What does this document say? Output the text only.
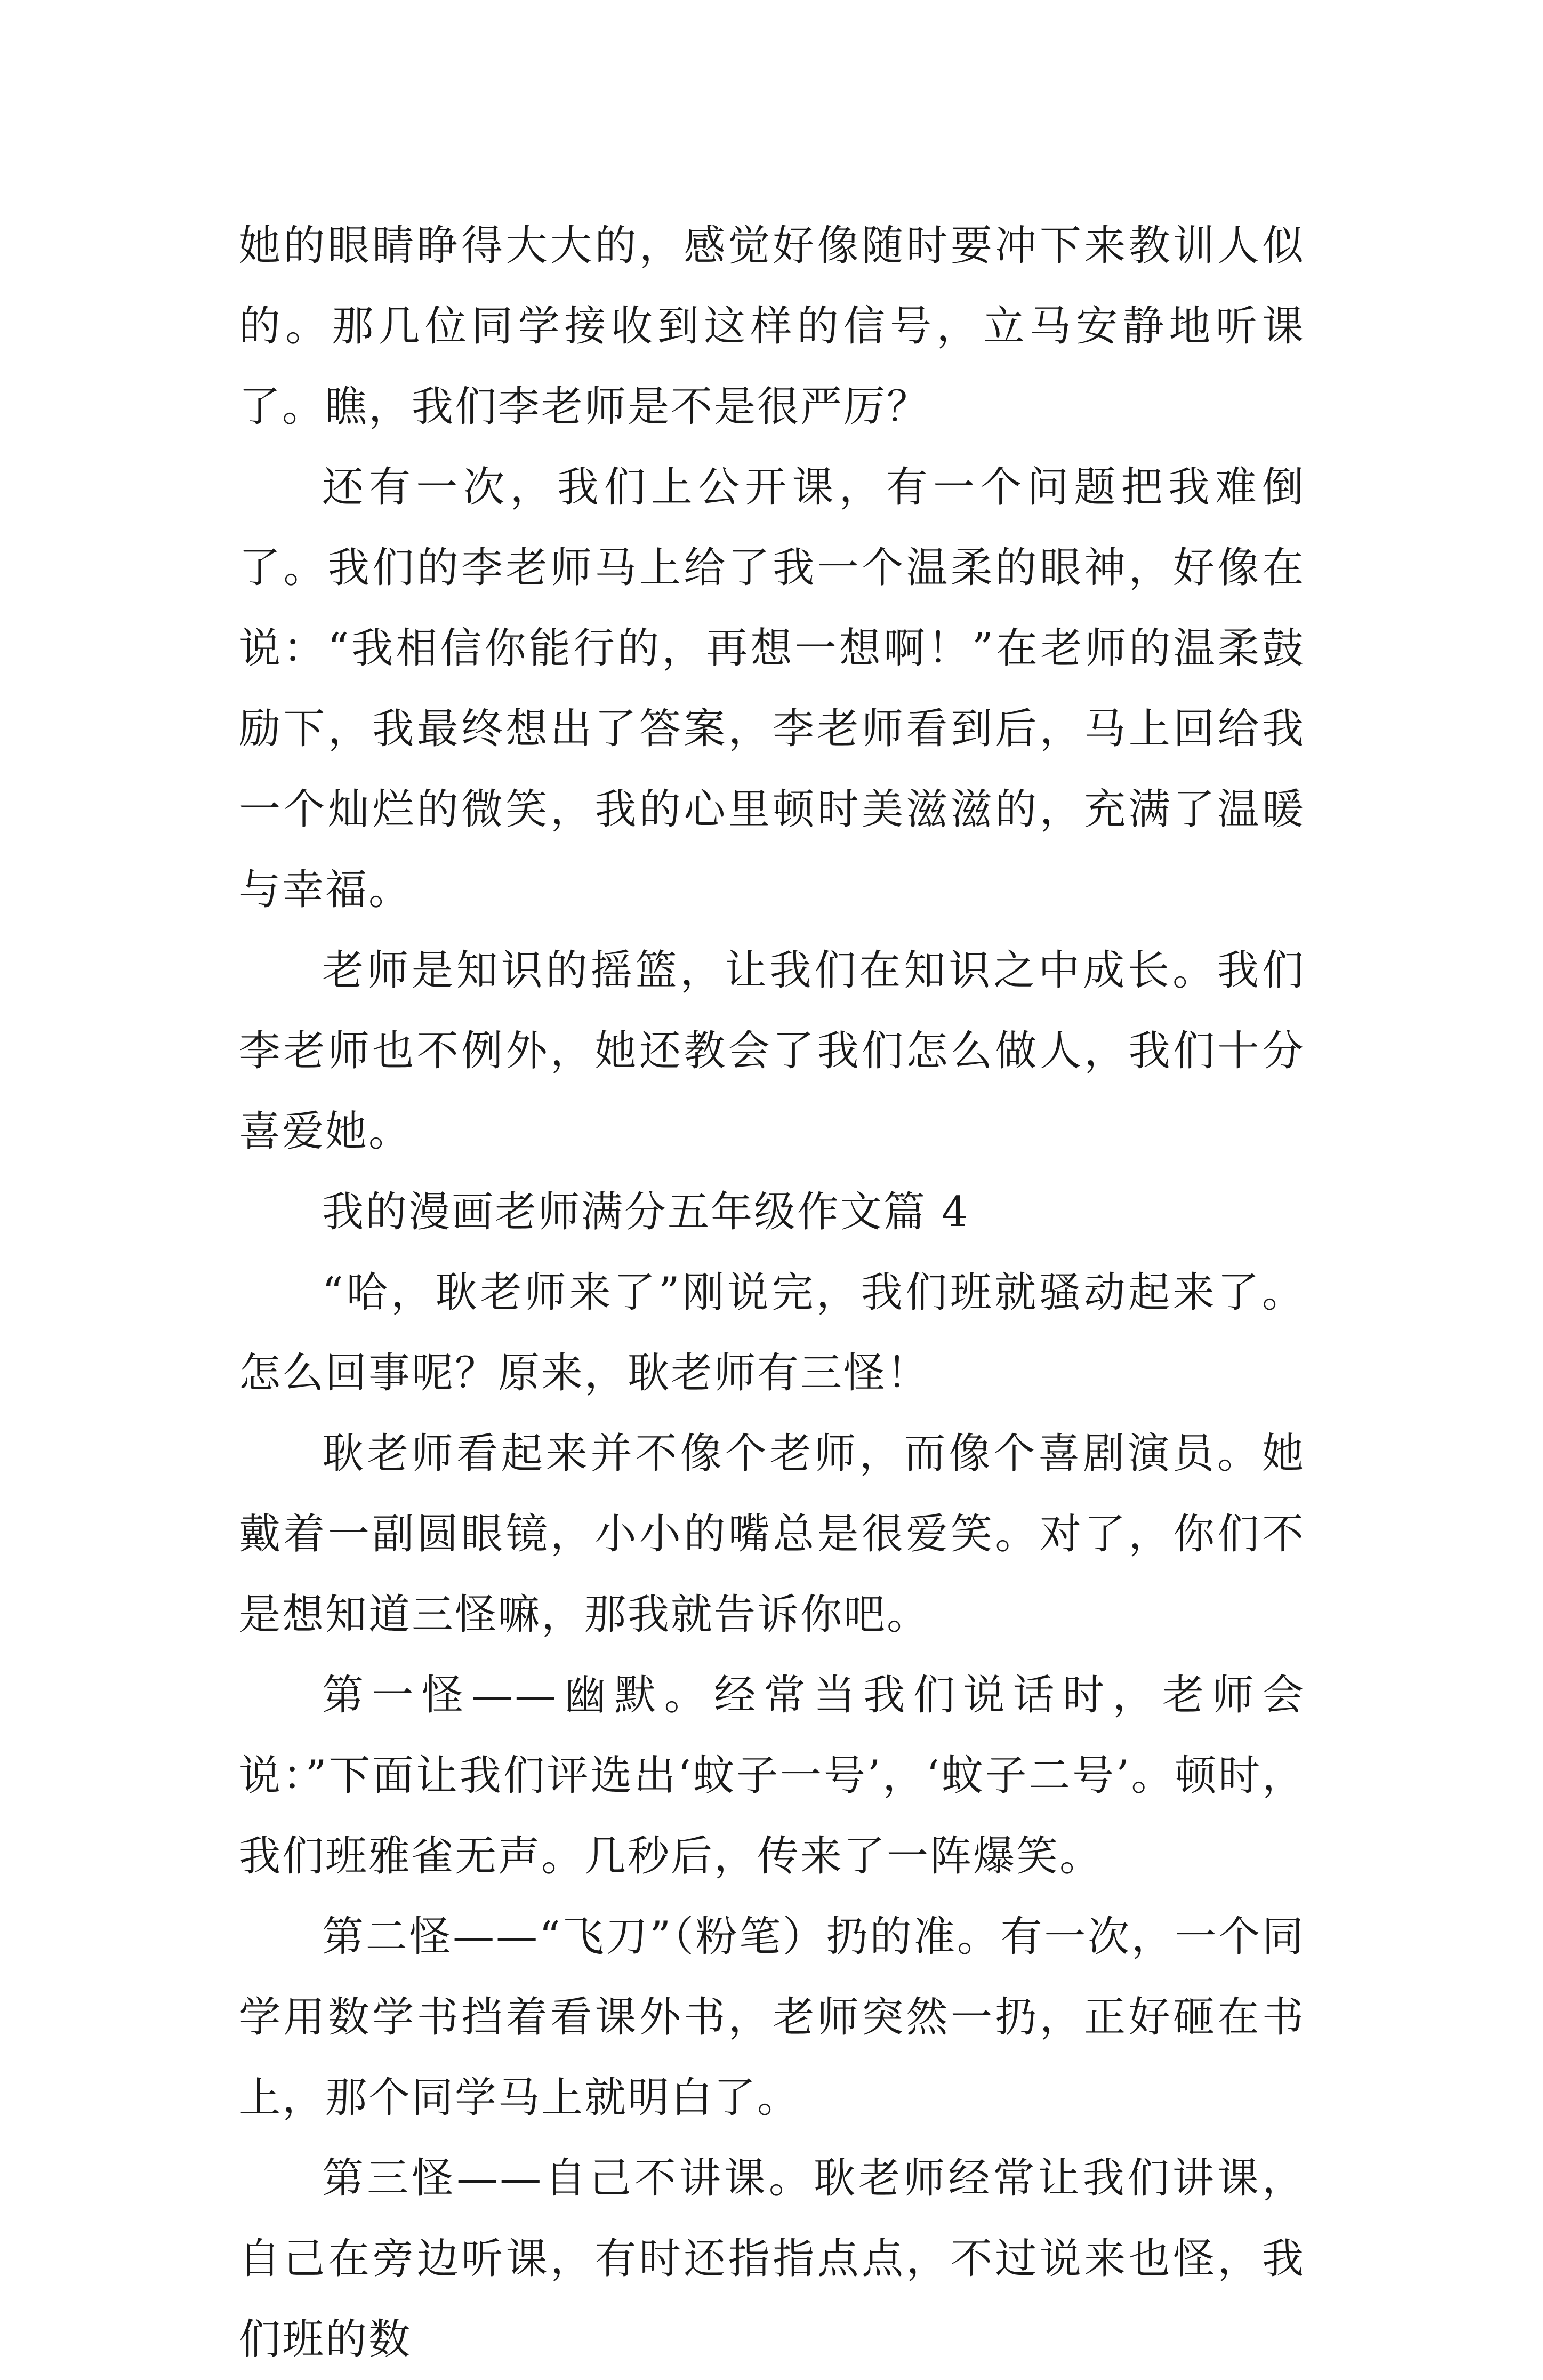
她的眼睛睁得大大的，感觉好像随时要冲下来教训人似的。那几位同学接收到这样的信号，立马安静地听课了。瞧，我们李老师是不是很严厉？

还有一次，我们上公开课，有一个问题把我难倒了。我们的李老师马上给了我一个温柔的眼神，好像在说：“我相信你能行的，再想一想啊！”在老师的温柔鼓励下，我最终想出了答案，李老师看到后，马上回给我一个灿烂的微笑，我的心里顿时美滋滋的，充满了温暖与幸福。

老师是知识的摇篮，让我们在知识之中成长。我们李老师也不例外，她还教会了我们怎么做人，我们十分喜爱她。

我的漫画老师满分五年级作文篇 4

“哈，耿老师来了”刚说完，我们班就骚动起来了。怎么回事呢？原来，耿老师有三怪！

耿老师看起来并不像个老师，而像个喜剧演员。她戴着一副圆眼镜，小小的嘴总是很爱笑。对了，你们不是想知道三怪嘛，那我就告诉你吧。

第一怪——幽默。经常当我们说话时，老师会说：”下面让我们评选出‘蚊子一号’，‘蚊子二号’。顿时，我们班雅雀无声。几秒后，传来了一阵爆笑。

第二怪——“飞刀”（粉笔）扔的准。有一次，一个同学用数学书挡着看课外书，老师突然一扔，正好砸在书上，那个同学马上就明白了。

第三怪——自己不讲课。耿老师经常让我们讲课，自己在旁边听课，有时还指指点点，不过说来也怪，我们班的数
